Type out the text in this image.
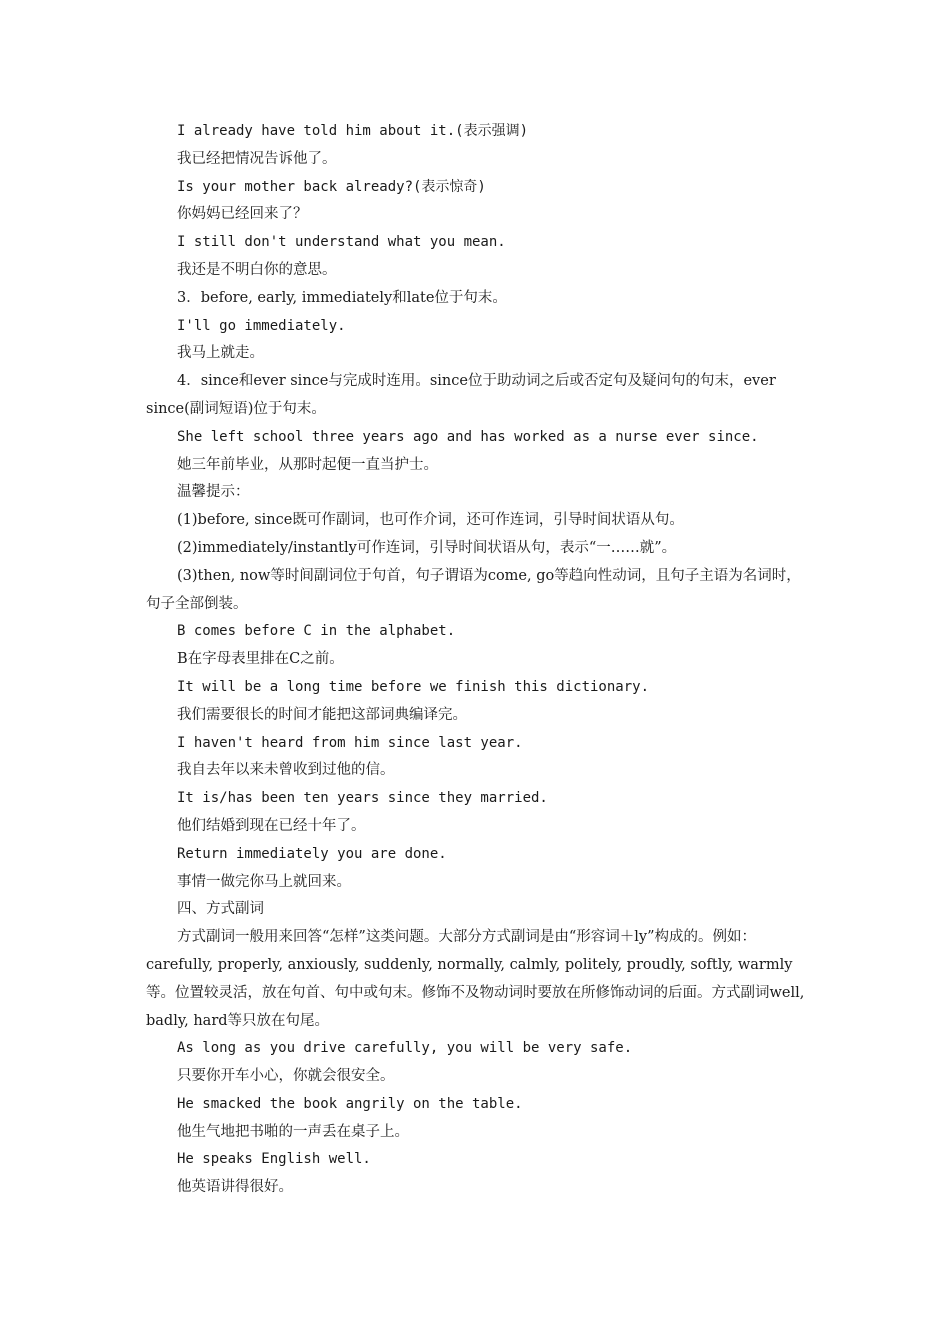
I already have told him about it.(表示强调)

我已经把情况告诉他了。

Is your mother back already?(表示惊奇)

你妈妈已经回来了？

I still don't understand what you mean.

我还是不明白你的意思。

3．before, early, immediately和late位于句末。

I'll go immediately.

我马上就走。

4．since和ever since与完成时连用。since位于助动词之后或否定句及疑问句的句末，ever since(副词短语)位于句末。

She left school three years ago and has worked as a nurse ever since.

她三年前毕业，从那时起便一直当护士。

温馨提示：

(1)before, since既可作副词，也可作介词，还可作连词，引导时间状语从句。

(2)immediately/instantly可作连词，引导时间状语从句，表示“一……就”。

(3)then, now等时间副词位于句首，句子谓语为come, go等趋向性动词，且句子主语为名词时，句子全部倒装。

B comes before C in the alphabet.

B在字母表里排在C之前。

It will be a long time before we finish this dictionary.

我们需要很长的时间才能把这部词典编译完。

I haven't heard from him since last year.

我自去年以来未曾收到过他的信。

It is/has been ten years since they married.

他们结婚到现在已经十年了。

Return immediately you are done.

事情一做完你马上就回来。

四、方式副词

方式副词一般用来回答“怎样”这类问题。大部分方式副词是由“形容词＋ly”构成的。例如：carefully, properly, anxiously, suddenly, normally, calmly, politely, proudly, softly, warmly等。位置较灵活，放在句首、句中或句末。修饰不及物动词时要放在所修饰动词的后面。方式副词well, badly, hard等只放在句尾。

As long as you drive carefully, you will be very safe.

只要你开车小心，你就会很安全。

He smacked the book angrily on the table.

他生气地把书啪的一声丢在桌子上。

He speaks English well.

他英语讲得很好。
